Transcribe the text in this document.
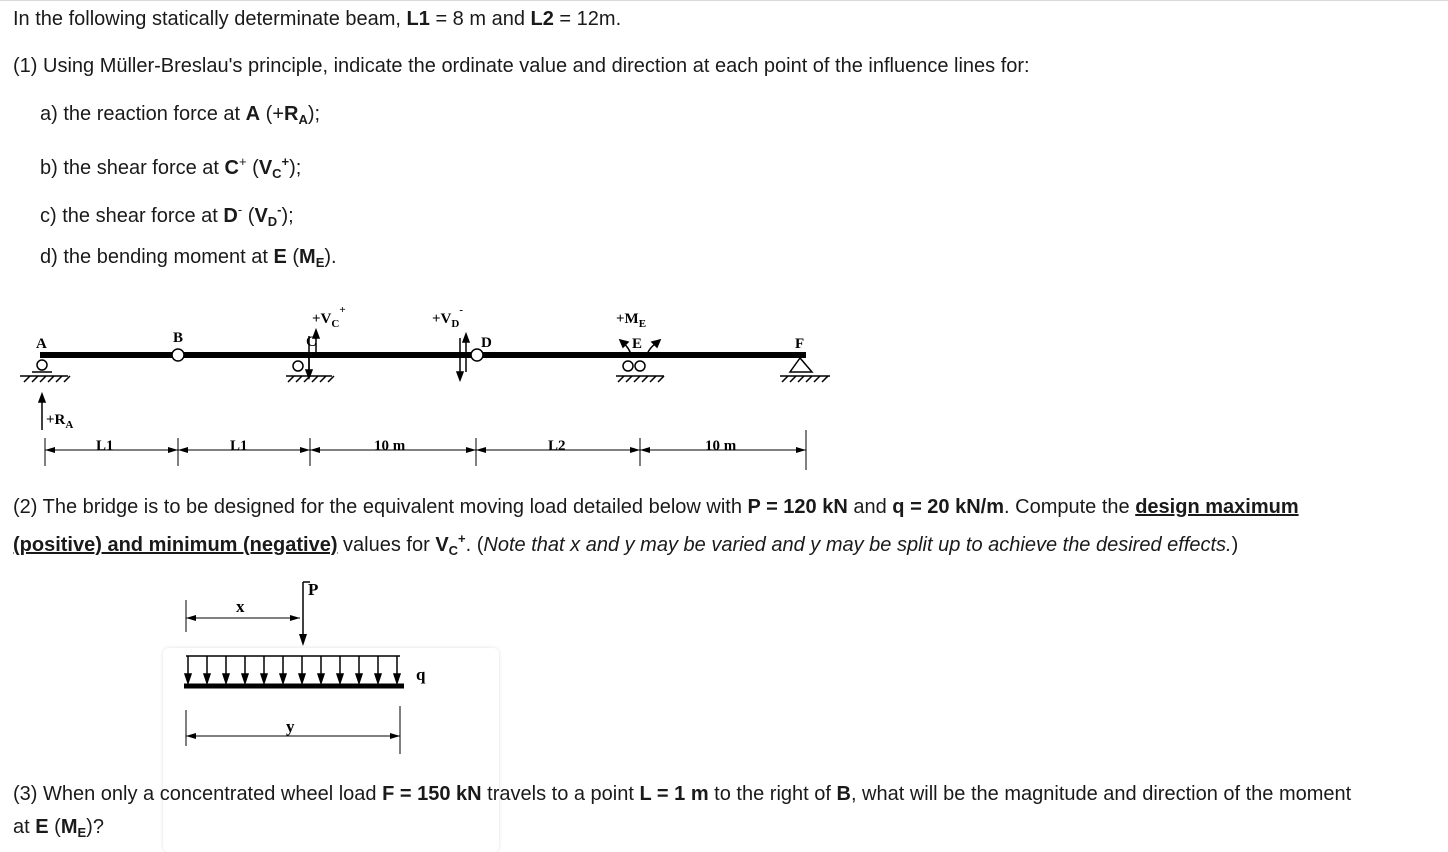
In the following statically determinate beam, L1 = 8 m and L2 = 12m.
(1) Using Müller-Breslau's principle, indicate the ordinate value and direction at each point of the influence lines for:
a) the reaction force at A $(+R_A)$;
b) the shear force at C+ $(V_C^+)$;
c) the shear force at D- $(V_D^-)$;
d) the bending moment at E $(M_E)$.
A	B	C	D	E	F
$+V_C^+$
$+V_D^-$
$+M_E$
$+R_A$
L1	L1	10 m	L2	10 m
(2) The bridge is to be designed for the equivalent moving load detailed below with P = 120 kN and q = 20 kN/m. Compute the design maximum
(positive) and minimum (negative) values for $V_C^+$. (Note that x and y may be varied and y may be split up to achieve the desired effects.)
P
x
q
y
(3) When only a concentrated wheel load F = 150 kN travels to a point L = 1 m to the right of B, what will be the magnitude and direction of the moment
at E $(M_E)$?
